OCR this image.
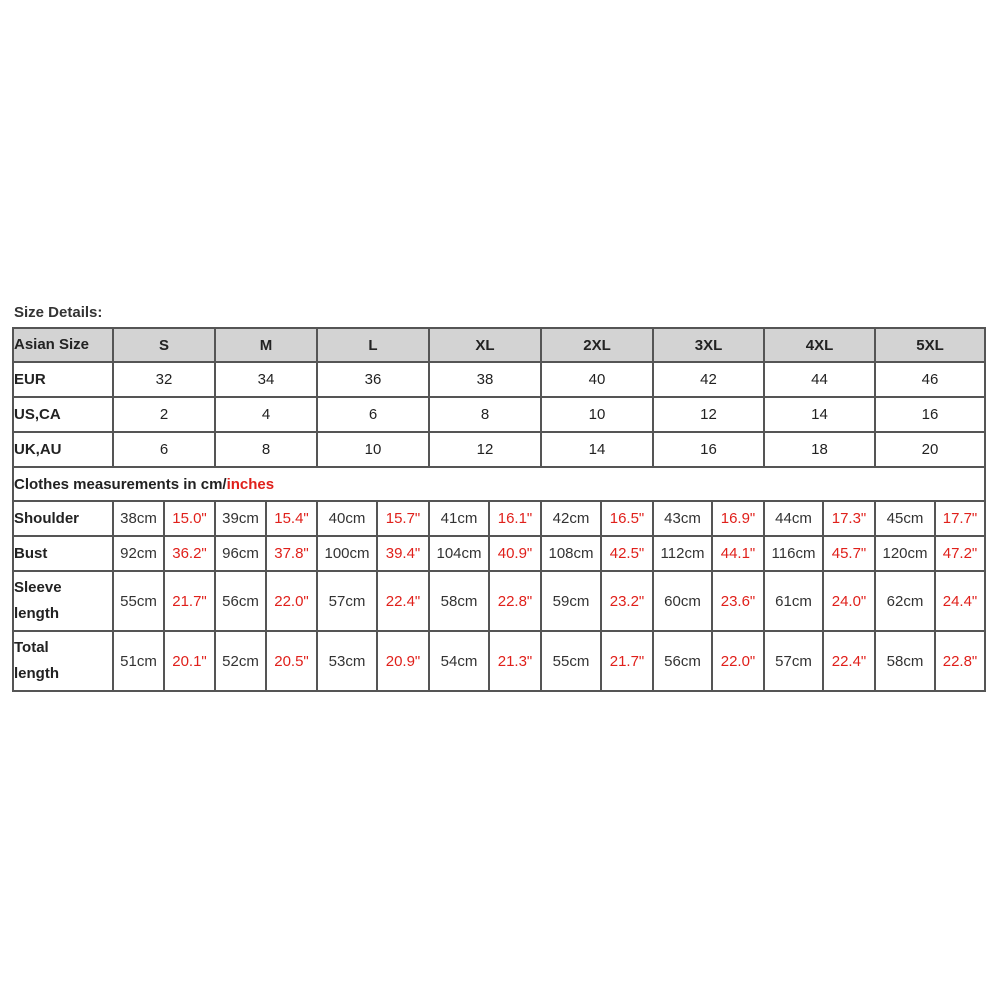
Size Details:
Asian Size	S		M		L		XL		2XL		3XL		4XL		5XL	
EUR	32		34		36		38		40		42		44		46	
US,CA	2		4		6		8		10		12		14		16	
UK,AU	6		8		10		12		14		16		18		20	
Clothes measurements in cm/inches																

Shoulder	38cm	15.0"	39cm	15.4"	40cm	15.7"	41cm	16.1"	42cm	16.5"	43cm	16.9"	44cm	17.3"	45cm	17.7"

Bust	92cm	36.2"	96cm	37.8"	100cm	39.4"	104cm	40.9"	108cm	42.5"	112cm	44.1"	116cm	45.7"	120cm	47.2"

Sleeve
length	55cm	21.7"	56cm	22.0"	57cm	22.4"	58cm	22.8"	59cm	23.2"	60cm	23.6"	61cm	24.0"	62cm	24.4"

Total
length	51cm	20.1"	52cm	20.5"	53cm	20.9"	54cm	21.3"	55cm	21.7"	56cm	22.0"	57cm	22.4"	58cm	22.8"
